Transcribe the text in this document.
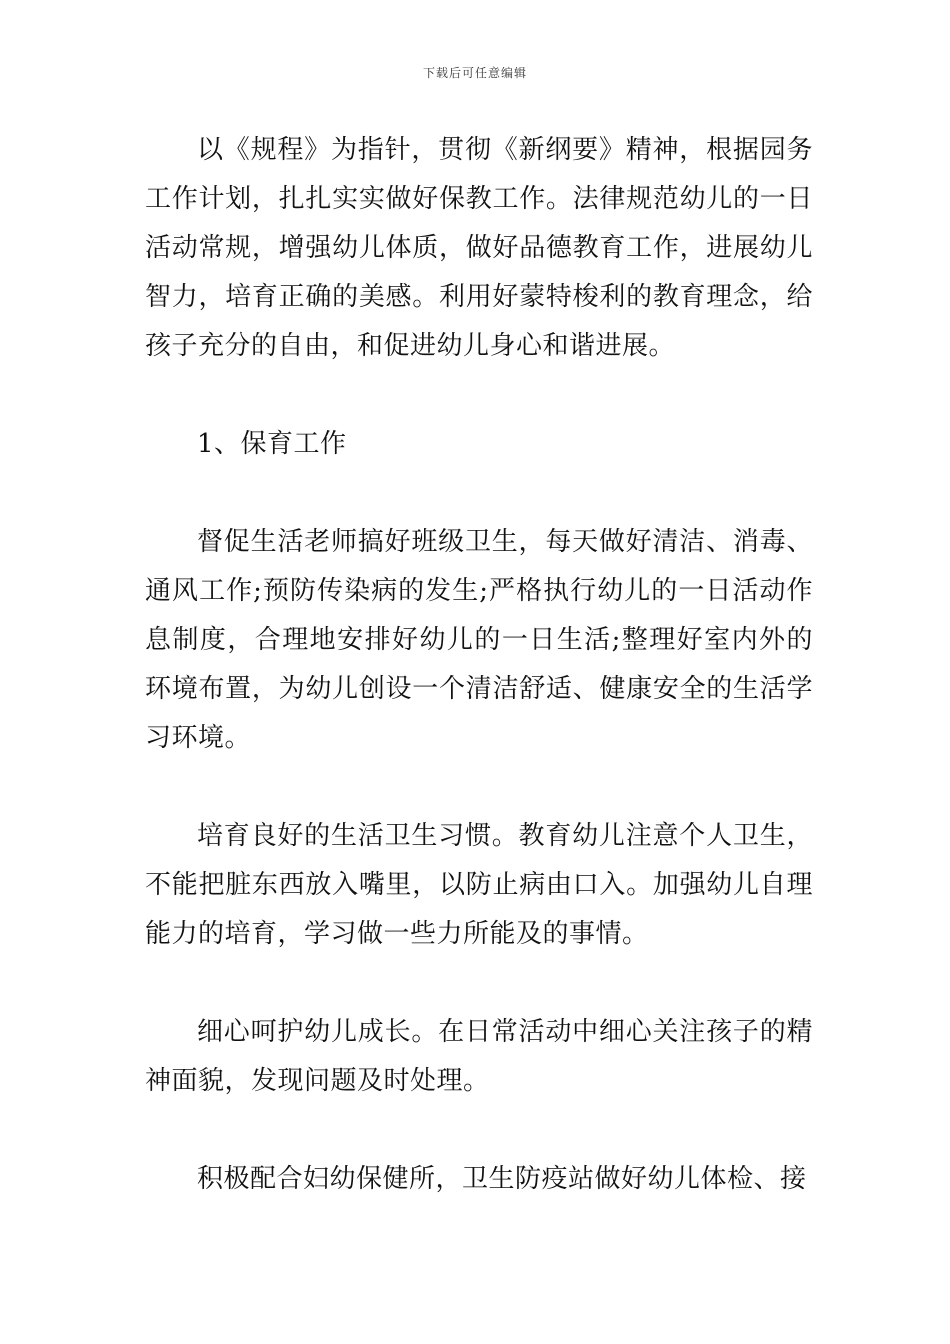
下载后可任意编辑

以《规程》为指针，贯彻《新纲要》精神，根据园务工作计划，扎扎实实做好保教工作。法律规范幼儿的一日活动常规，增强幼儿体质，做好品德教育工作，进展幼儿智力，培育正确的美感。利用好蒙特梭利的教育理念，给孩子充分的自由，和促进幼儿身心和谐进展。

1、保育工作

督促生活老师搞好班级卫生，每天做好清洁、消毒、通风工作;预防传染病的发生;严格执行幼儿的一日活动作息制度，合理地安排好幼儿的一日生活;整理好室内外的环境布置，为幼儿创设一个清洁舒适、健康安全的生活学习环境。

培育良好的生活卫生习惯。教育幼儿注意个人卫生，不能把脏东西放入嘴里，以防止病由口入。加强幼儿自理能力的培育，学习做一些力所能及的事情。

细心呵护幼儿成长。在日常活动中细心关注孩子的精神面貌，发现问题及时处理。

积极配合妇幼保健所，卫生防疫站做好幼儿体检、接
